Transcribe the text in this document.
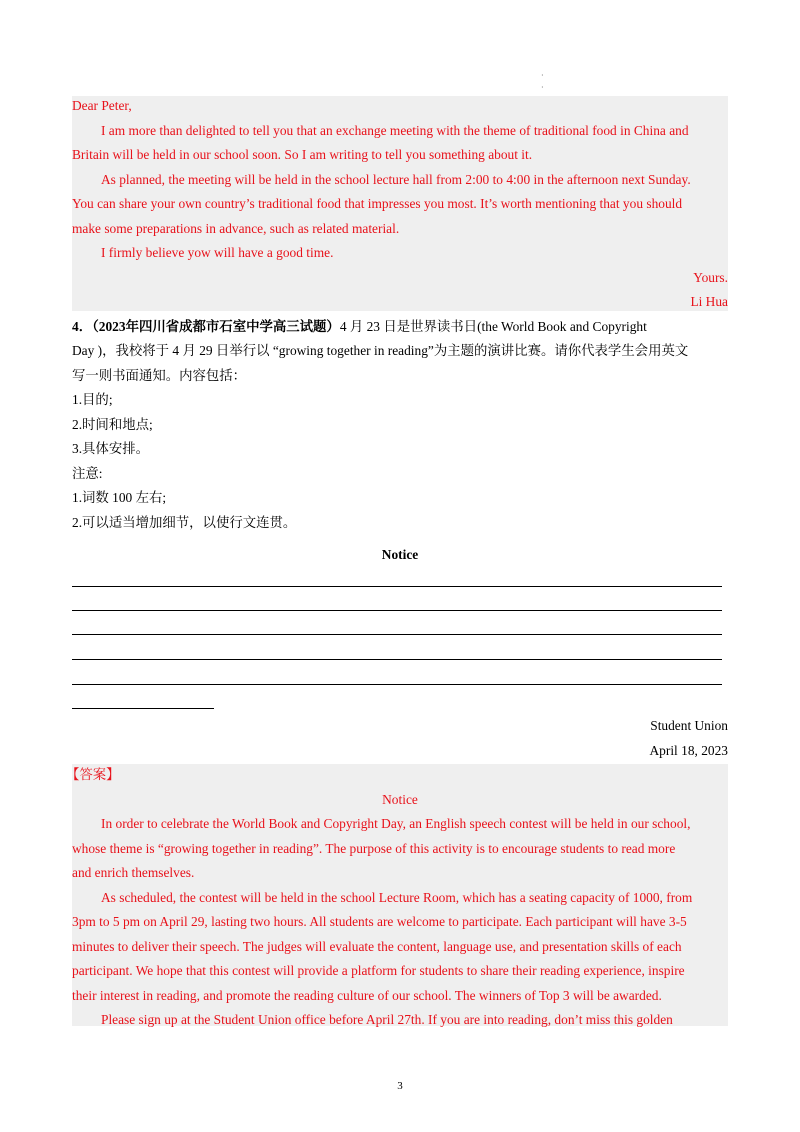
·
·
Dear Peter,
I am more than delighted to tell you that an exchange meeting with the theme of traditional food in China and
Britain will be held in our school soon. So I am writing to tell you something about it.
As planned, the meeting will be held in the school lecture hall from 2:00 to 4:00 in the afternoon next Sunday.
You can share your own country’s traditional food that impresses you most. It’s worth mentioning that you should
make some preparations in advance, such as related material.
I firmly believe yow will have a good time.
Yours.
Li Hua
4．（2023年四川省成都市石室中学高三试题）4 月 23 日是世界读书日(the World Book and Copyright
Day )，我校将于 4 月 29 日举行以 “growing together in reading”为主题的演讲比赛。请你代表学生会用英文
写一则书面通知。内容包括：
1.目的;
2.时间和地点;
3.具体安排。
注意:
1.词数 100 左右;
2.可以适当增加细节，以使行文连贯。
Notice
Student Union
April 18, 2023
【答案】
Notice
In order to celebrate the World Book and Copyright Day, an English speech contest will be held in our school,
whose theme is “growing together in reading”. The purpose of this activity is to encourage students to read more
and enrich themselves.
As scheduled, the contest will be held in the school Lecture Room, which has a seating capacity of 1000, from
3pm to 5 pm on April 29, lasting two hours. All students are welcome to participate. Each participant will have 3-5
minutes to deliver their speech. The judges will evaluate the content, language use, and presentation skills of each
participant. We hope that this contest will provide a platform for students to share their reading experience, inspire
their interest in reading, and promote the reading culture of our school. The winners of Top 3 will be awarded.
Please sign up at the Student Union office before April 27th. If you are into reading, don’t miss this golden
3
